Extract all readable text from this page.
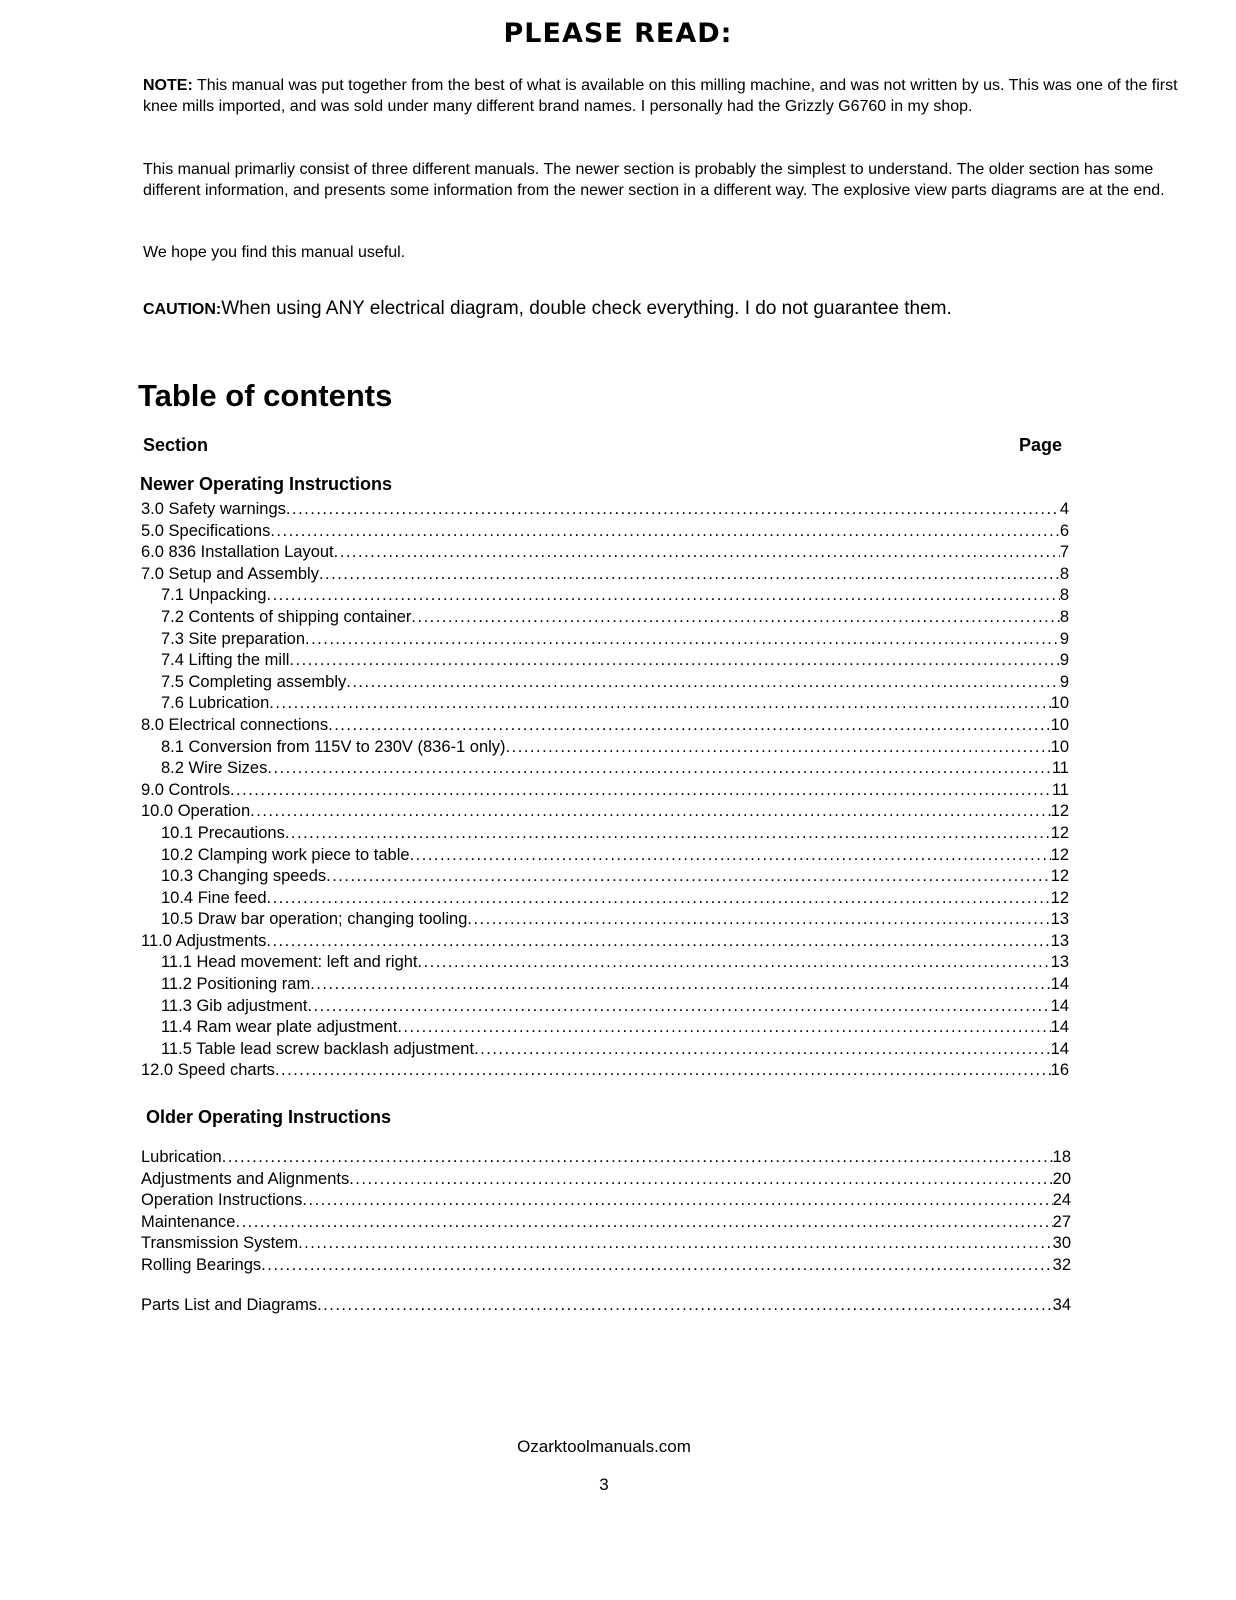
PLEASE READ:
NOTE: This manual was put together from the best of what is available on this milling machine, and was not written by us. This was one of the first knee mills imported, and was sold under many different brand names. I personally had the Grizzly G6760 in my shop.
This manual primarliy consist of three different manuals. The newer section is probably the simplest to understand. The older section has some different information, and presents some information from the newer section in a different way. The explosive view parts diagrams are at the end.
We hope you find this manual useful.
CAUTION:When using ANY electrical diagram, double check everything. I do not guarantee them.
Table of contents
Section	Page
Newer Operating Instructions
3.0 Safety warnings .....	4
5.0 Specifications .....	6
6.0 836 Installation Layout .....	7
7.0 Setup and Assembly .....	8
7.1 Unpacking .....	8
7.2 Contents of shipping container .....	8
7.3 Site preparation .....	9
7.4 Lifting the mill .....	9
7.5 Completing assembly .....	9
7.6 Lubrication .....	10
8.0 Electrical connections .....	10
8.1 Conversion from 115V to 230V (836-1 only) .....	10
8.2 Wire Sizes .....	11
9.0 Controls .....	11
10.0 Operation .....	12
10.1 Precautions .....	12
10.2 Clamping work piece to table .....	12
10.3 Changing speeds .....	12
10.4 Fine feed .....	12
10.5 Draw bar operation; changing tooling .....	13
11.0 Adjustments .....	13
11.1 Head movement: left and right .....	13
11.2 Positioning ram .....	14
11.3 Gib adjustment .....	14
11.4 Ram wear plate adjustment .....	14
11.5 Table lead screw backlash adjustment .....	14
12.0 Speed charts .....	16
Older Operating Instructions
Lubrication .....	18
Adjustments and Alignments .....	20
Operation Instructions .....	24
Maintenance .....	27
Transmission System .....	30
Rolling Bearings .....	32
Parts List and Diagrams .....	34
Ozarktoolmanuals.com
3
